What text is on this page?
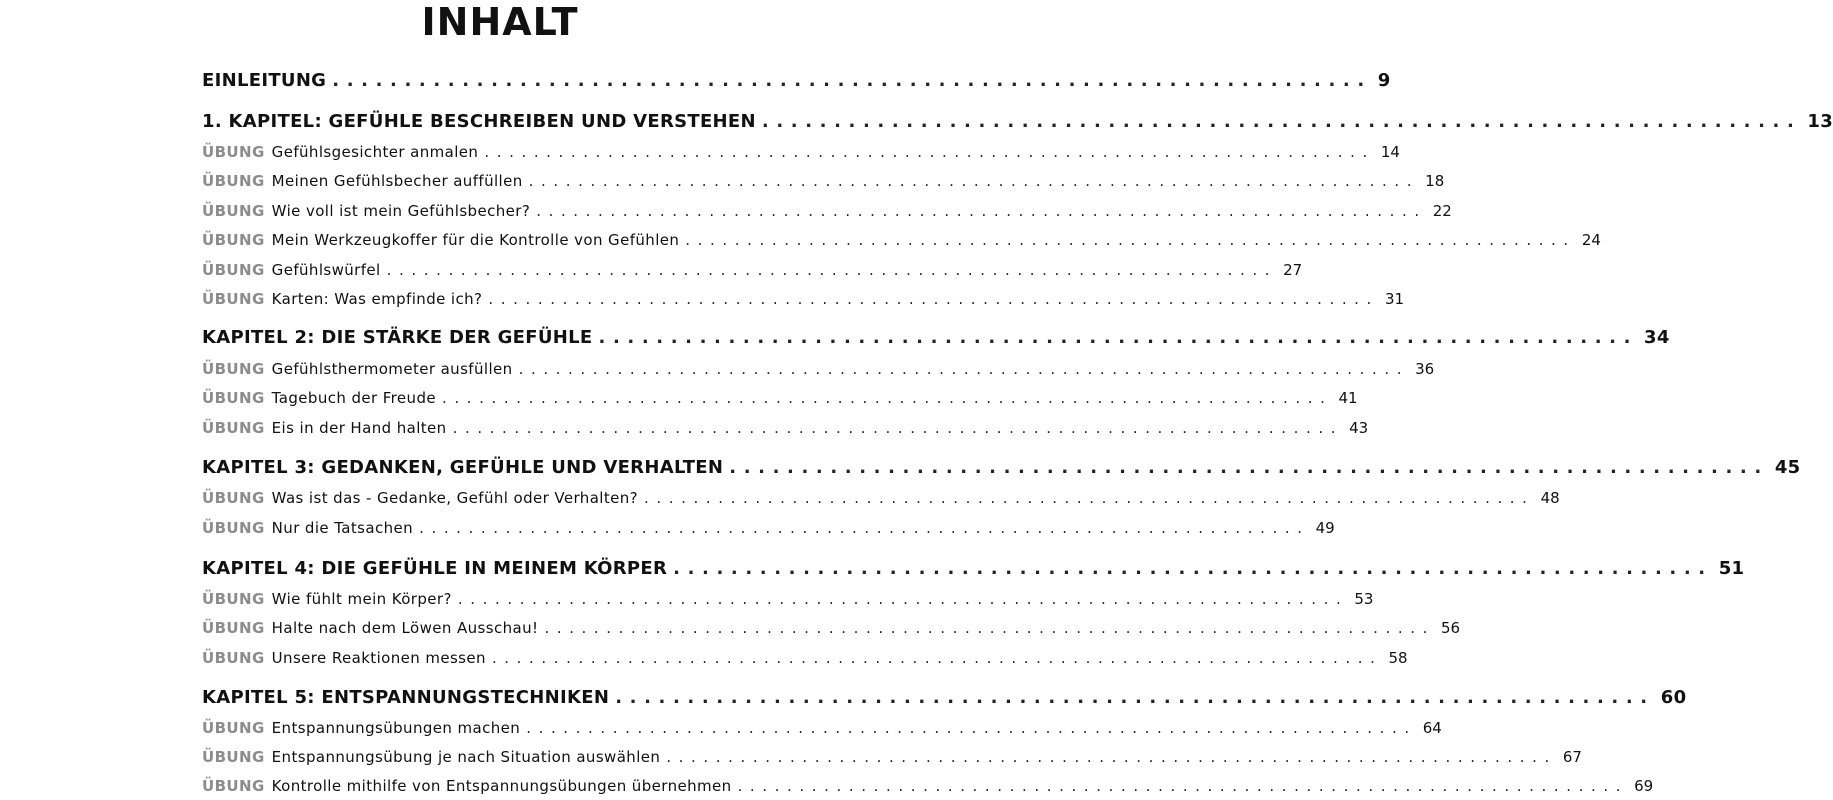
INHALT
EINLEITUNG ........................................................................ 9
1. KAPITEL: GEFÜHLE BESCHREIBEN UND VERSTEHEN ........................................................................ 13
ÜBUNG Gefühlsgesichter anmalen ........................................................................ 14
ÜBUNG Meinen Gefühlsbecher auffüllen ........................................................................ 18
ÜBUNG Wie voll ist mein Gefühlsbecher? ........................................................................ 22
ÜBUNG Mein Werkzeugkoffer für die Kontrolle von Gefühlen ........................................................................ 24
ÜBUNG Gefühlswürfel ........................................................................ 27
ÜBUNG Karten: Was empfinde ich? ........................................................................ 31
KAPITEL 2: DIE STÄRKE DER GEFÜHLE ........................................................................ 34
ÜBUNG Gefühlsthermometer ausfüllen ........................................................................ 36
ÜBUNG Tagebuch der Freude ........................................................................ 41
ÜBUNG Eis in der Hand halten ........................................................................ 43
KAPITEL 3: GEDANKEN, GEFÜHLE UND VERHALTEN ........................................................................ 45
ÜBUNG Was ist das - Gedanke, Gefühl oder Verhalten? ........................................................................ 48
ÜBUNG Nur die Tatsachen ........................................................................ 49
KAPITEL 4: DIE GEFÜHLE IN MEINEM KÖRPER ........................................................................ 51
ÜBUNG Wie fühlt mein Körper? ........................................................................ 53
ÜBUNG Halte nach dem Löwen Ausschau! ........................................................................ 56
ÜBUNG Unsere Reaktionen messen ........................................................................ 58
KAPITEL 5: ENTSPANNUNGSTECHNIKEN ........................................................................ 60
ÜBUNG Entspannungsübungen machen ........................................................................ 64
ÜBUNG Entspannungsübung je nach Situation auswählen ........................................................................ 67
ÜBUNG Kontrolle mithilfe von Entspannungsübungen übernehmen ........................................................................ 69
